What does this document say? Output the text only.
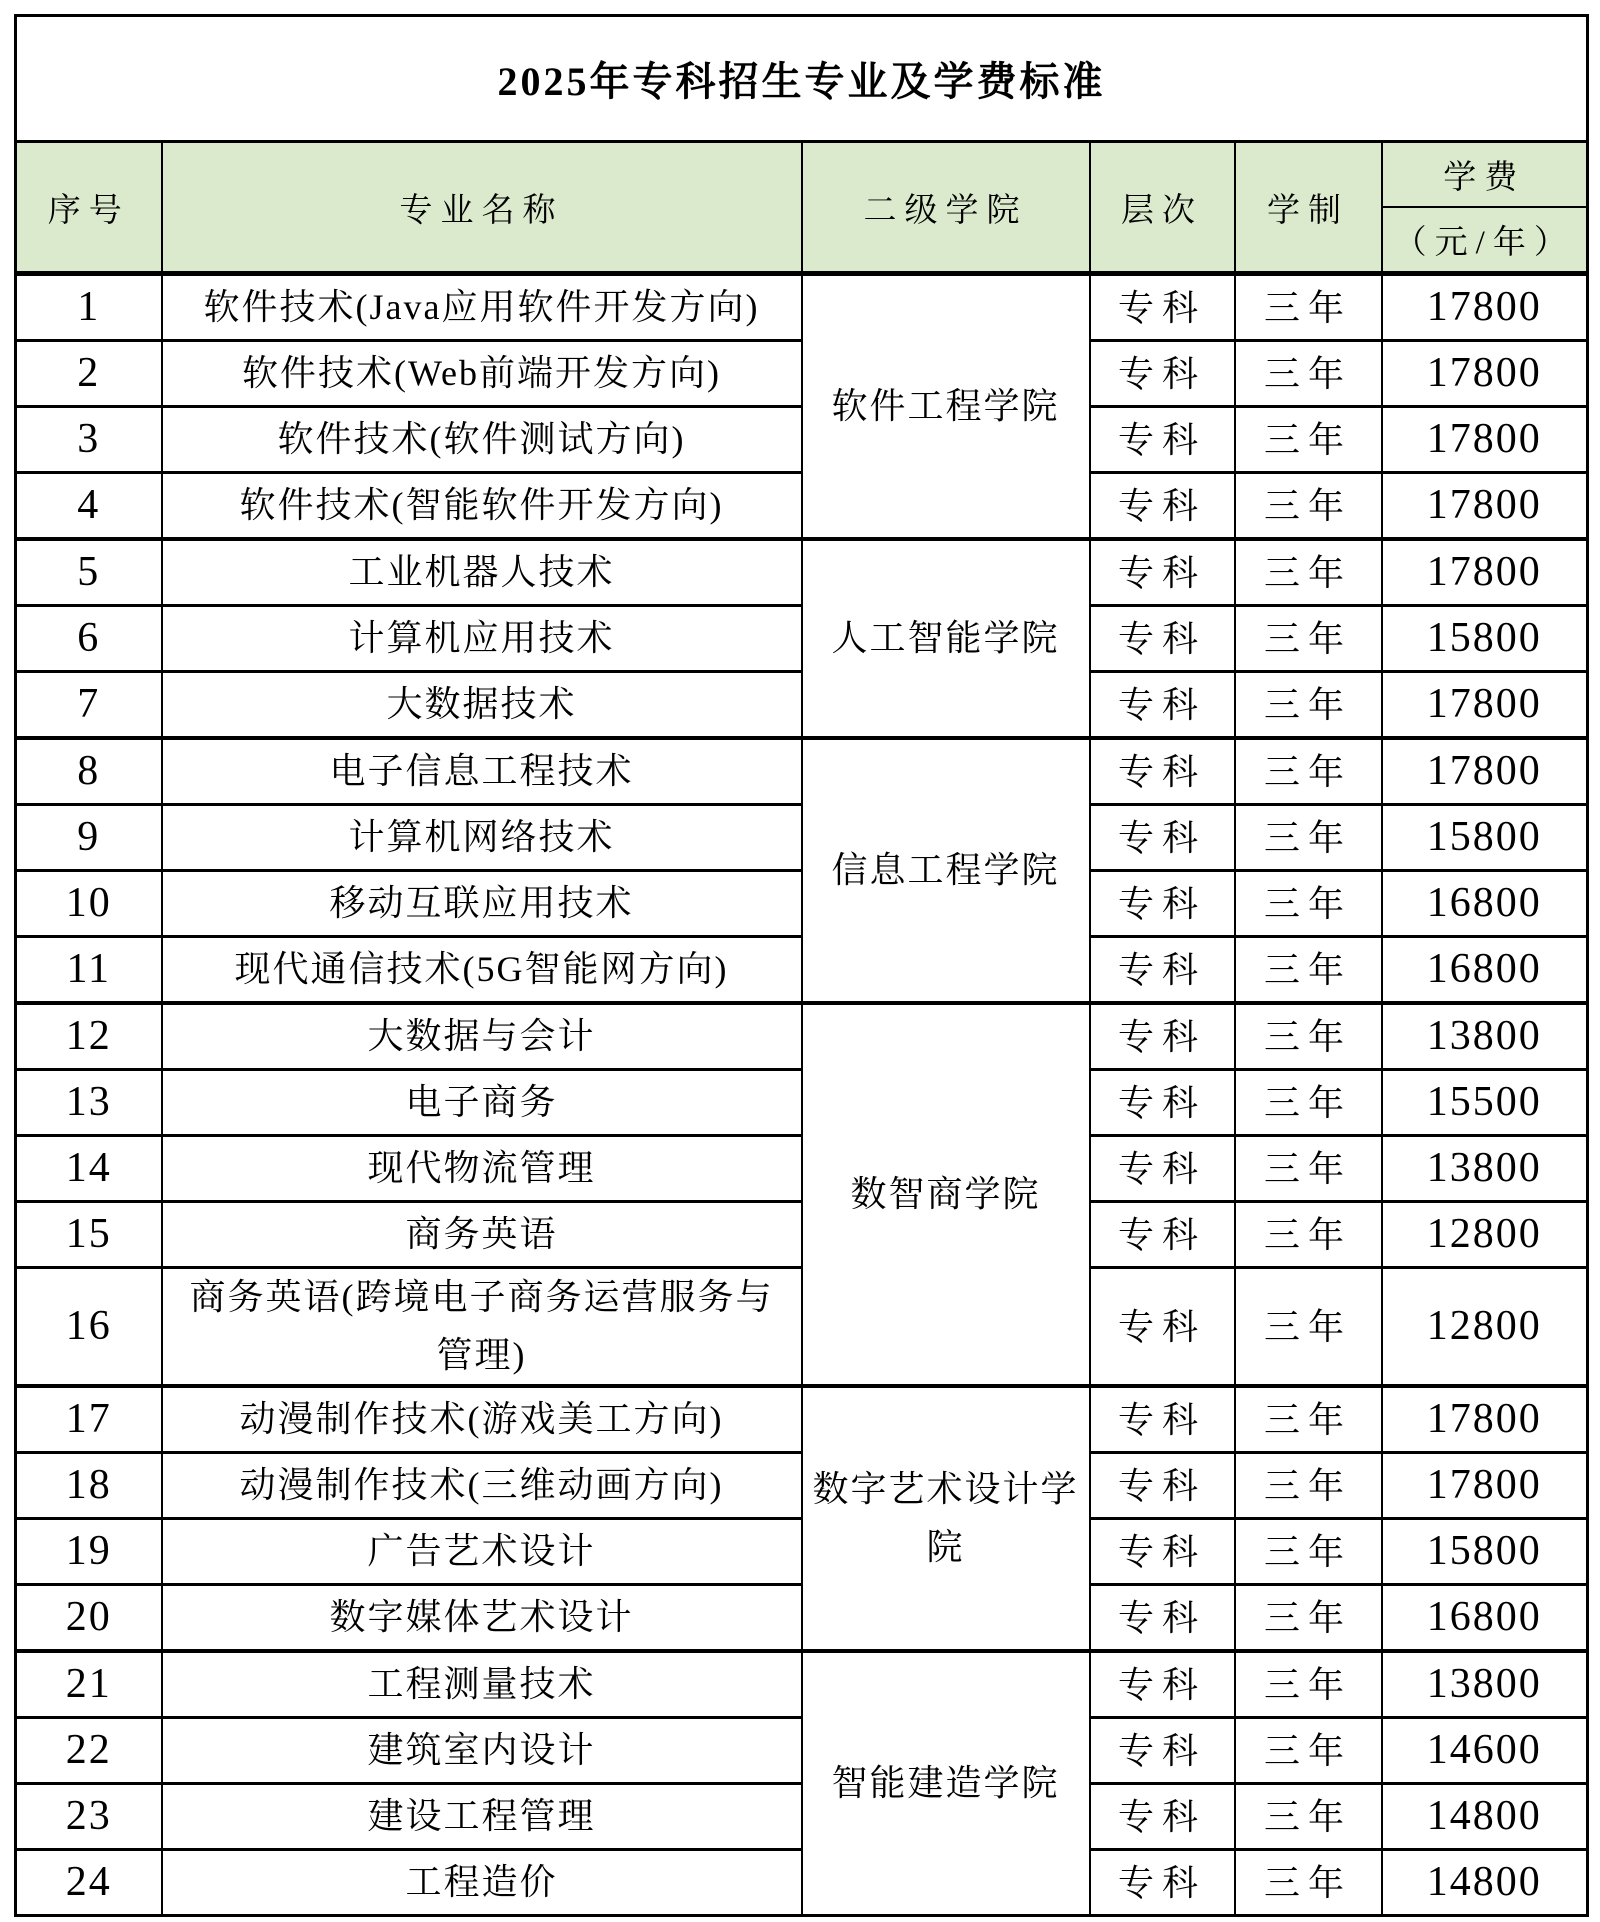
2025年专科招生专业及学费标准					
序号	专业名称	二级学院	层次	学制	学费
（元/年）

1	软件技术(Java应用软件开发方向)	软件工程学院	专科	三年	17800
2	软件技术(Web前端开发方向)		专科	三年	17800
3	软件技术(软件测试方向)		专科	三年	17800
4	软件技术(智能软件开发方向)		专科	三年	17800
5	工业机器人技术	人工智能学院	专科	三年	17800
6	计算机应用技术		专科	三年	15800
7	大数据技术		专科	三年	17800
8	电子信息工程技术	信息工程学院	专科	三年	17800
9	计算机网络技术		专科	三年	15800
10	移动互联应用技术		专科	三年	16800
11	现代通信技术(5G智能网方向)		专科	三年	16800
12	大数据与会计	数智商学院	专科	三年	13800
13	电子商务		专科	三年	15500
14	现代物流管理		专科	三年	13800
15	商务英语		专科	三年	12800
16	商务英语(跨境电子商务运营服务与管理)		专科	三年	12800
17	动漫制作技术(游戏美工方向)	数字艺术设计学院	专科	三年	17800
18	动漫制作技术(三维动画方向)		专科	三年	17800
19	广告艺术设计		专科	三年	15800
20	数字媒体艺术设计		专科	三年	16800
21	工程测量技术	智能建造学院	专科	三年	13800
22	建筑室内设计		专科	三年	14600
23	建设工程管理		专科	三年	14800
24	工程造价		专科	三年	14800
